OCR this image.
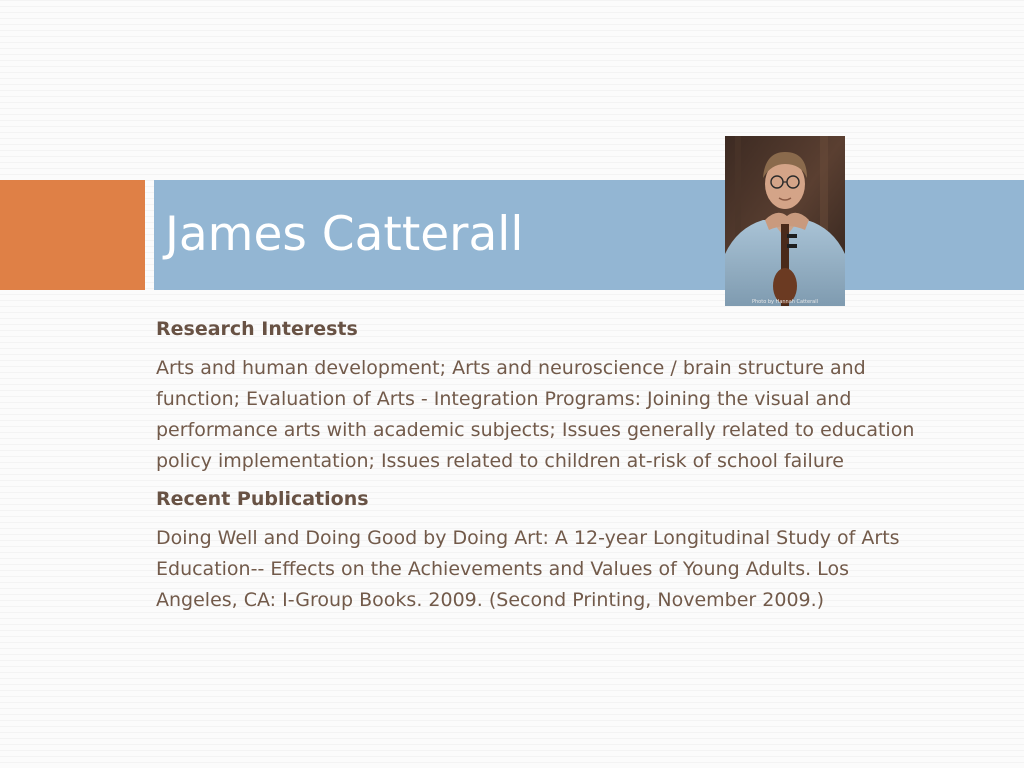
James Catterall
Photo by Hannah Catterall

Research Interests

Arts and human development; Arts and neuroscience / brain structure and function; Evaluation of Arts - Integration Programs: Joining the visual and performance arts with academic subjects; Issues generally related to education policy implementation; Issues related to children at-risk of school failure

Recent Publications

Doing Well and Doing Good by Doing Art: A 12-year Longitudinal Study of Arts Education-- Effects on the Achievements and Values of Young Adults. Los Angeles, CA: I-Group Books. 2009. (Second Printing, November 2009.)
